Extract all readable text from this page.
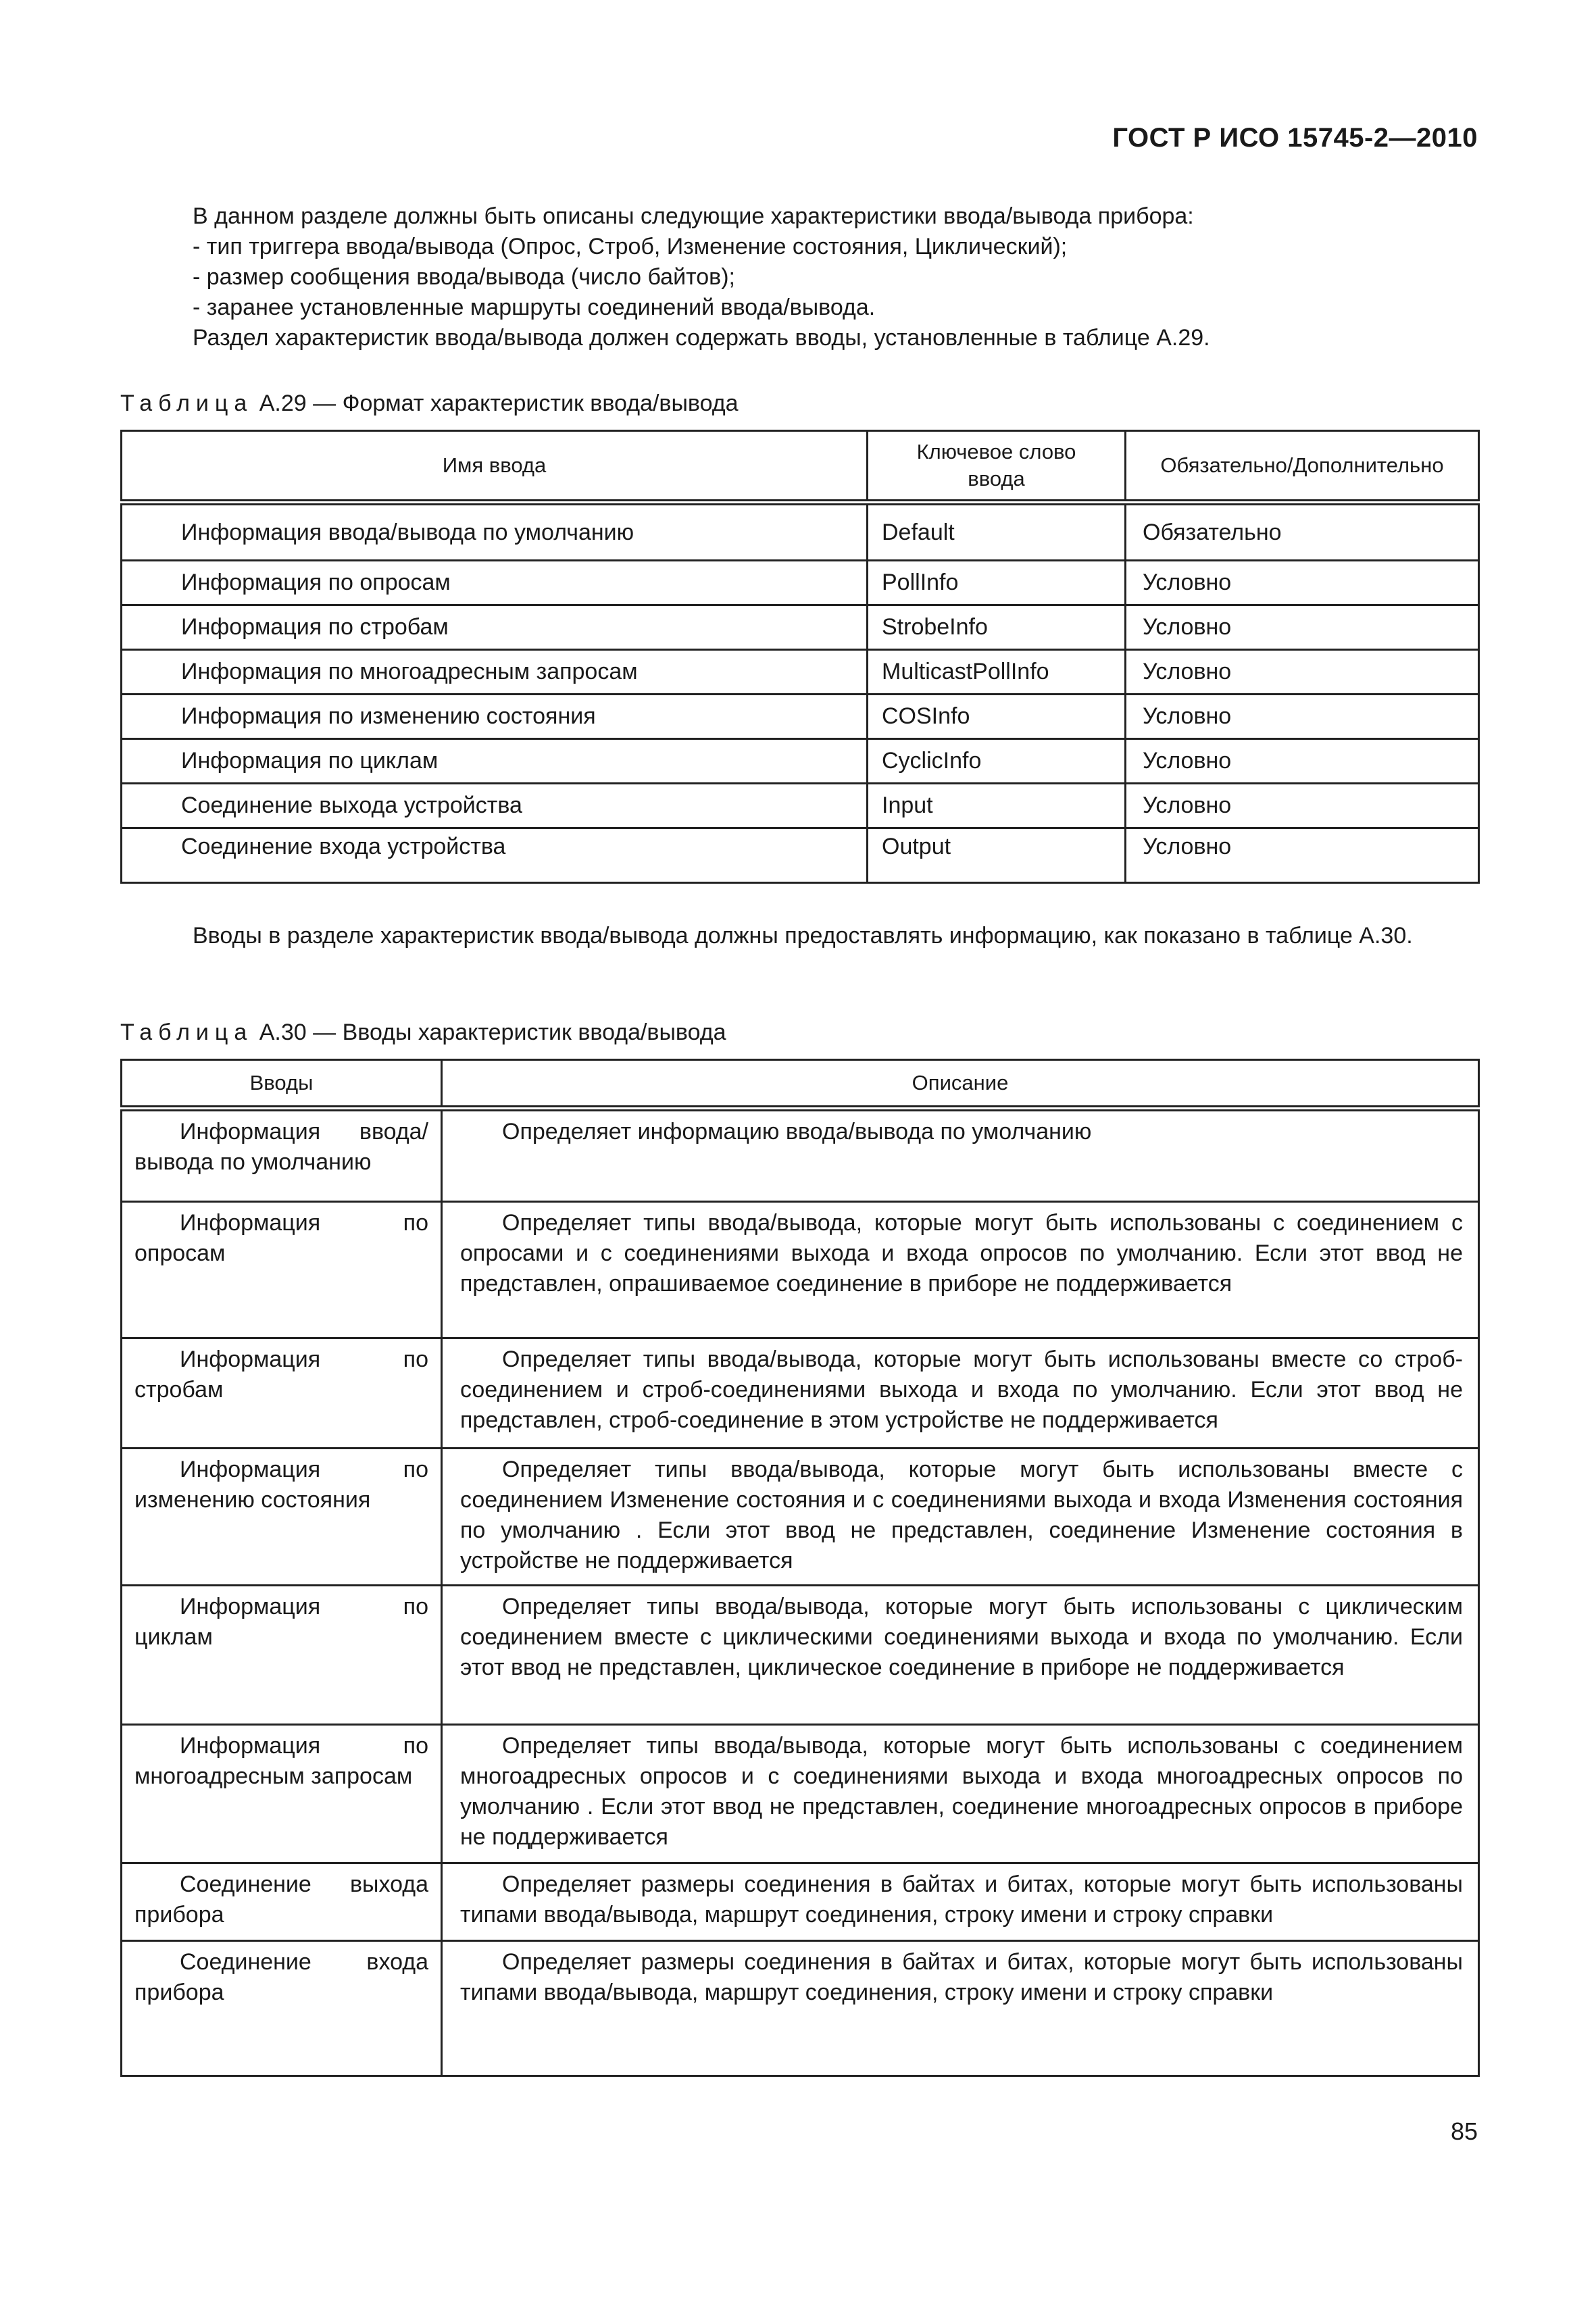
ГОСТ Р ИСО 15745-2—2010
В данном разделе должны быть описаны следующие характеристики ввода/вывода прибора:
- тип триггера ввода/вывода (Опрос, Строб, Изменение состояния, Циклический);
- размер сообщения ввода/вывода (число байтов);
- заранее установленные маршруты соединений ввода/вывода.
Раздел характеристик ввода/вывода должен содержать вводы, установленные в таблице А.29.
Таблица А.29 — Формат характеристик ввода/вывода
Имя ввода	Ключевое слово ввода	Обязательно/Дополнительно
Информация ввода/вывода по умолчанию	Default	Обязательно
Информация по опросам	PollInfo	Условно
Информация по стробам	StrobeInfo	Условно
Информация по многоадресным запросам	MulticastPollInfo	Условно
Информация по изменению состояния	COSInfo	Условно
Информация по циклам	CyclicInfo	Условно
Соединение выхода устройства	Input	Условно
Соединение входа устройства	Output	Условно
Вводы в разделе характеристик ввода/вывода должны предоставлять информацию, как показано в таблице А.30.
Таблица А.30 — Вводы характеристик ввода/вывода
Вводы	Описание
Информация ввода/вывода по умолчанию	Определяет информацию ввода/вывода по умолчанию
Информация по опросам	Определяет типы ввода/вывода, которые могут быть использованы с соединением с опросами и с соединениями выхода и входа опросов по умолчанию. Если этот ввод не представлен, опрашиваемое соединение в приборе не поддерживается
Информация по стробам	Определяет типы ввода/вывода, которые могут быть использованы вместе со строб-соединением и строб-соединениями выхода и входа по умолчанию. Если этот ввод не представлен, строб-соединение в этом устройстве не поддерживается
Информация по изменению состояния	Определяет типы ввода/вывода, которые могут быть использованы вместе с соединением Изменение состояния и с соединениями выхода и входа Изменения состояния по умолчанию . Если этот ввод не представлен, соединение Изменение состояния в устройстве не поддерживается
Информация по циклам	Определяет типы ввода/вывода, которые могут быть использованы с циклическим соединением вместе с циклическими соединениями выхода и входа по умолчанию. Если этот ввод не представлен, циклическое соединение в приборе не поддерживается
Информация по многоадресным запросам	Определяет типы ввода/вывода, которые могут быть использованы с соединением многоадресных опросов и с соединениями выхода и входа многоадресных опросов по умолчанию . Если этот ввод не представлен, соединение многоадресных опросов в приборе не поддерживается
Соединение выхода прибора	Определяет размеры соединения в байтах и битах, которые могут быть использованы типами ввода/вывода, маршрут соединения, строку имени и строку справки
Соединение входа прибора	Определяет размеры соединения в байтах и битах, которые могут быть использованы типами ввода/вывода, маршрут соединения, строку имени и строку справки
85
